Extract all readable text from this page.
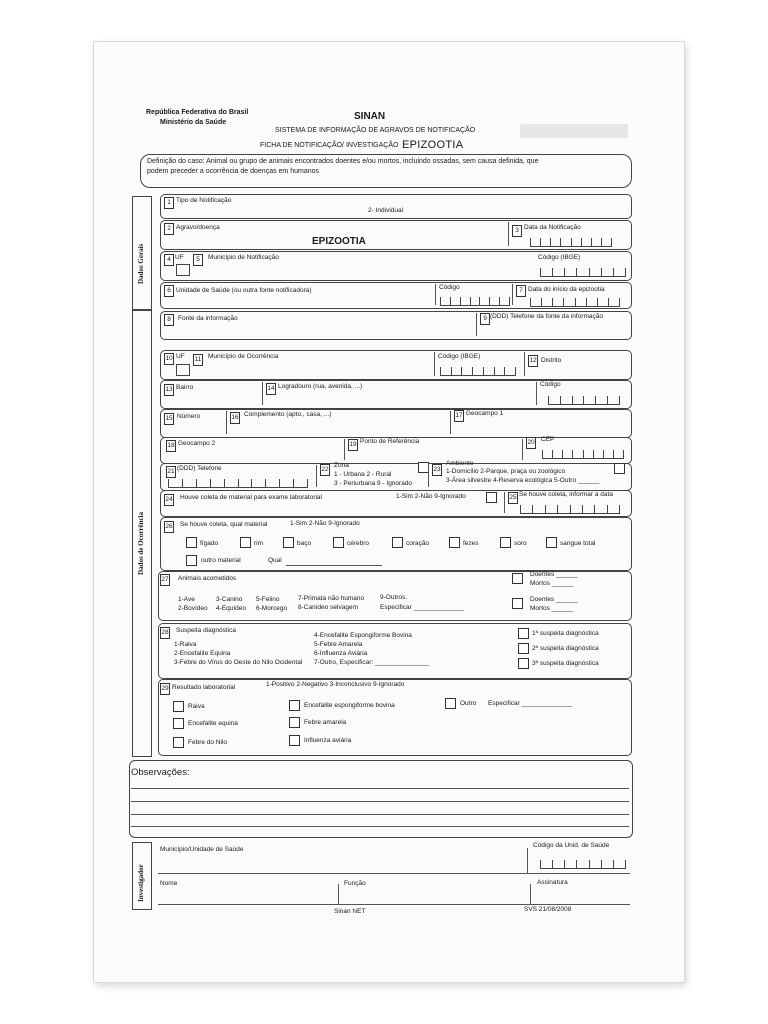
República Federativa do Brasil
Ministério da Saúde
SINAN
SISTEMA DE INFORMAÇÃO DE AGRAVOS DE NOTIFICAÇÃO
FICHA DE NOTIFICAÇÃO/ INVESTIGAÇÃO EPIZOOTIA
Definição do caso: Animal ou grupo de animais encontrados doentes e/ou mortos, incluindo ossadas, sem causa definida, que
podem preceder a ocorrência de doenças em humanos
Dados Gerais
Dados de Ocorrência
1 Tipo de Notificação
2- Individual
2 Agravo/doença
EPIZOOTIA
3 Data da Notificação
4 UF	5	Município de Notificação	Código (IBGE)
6 Unidade de Saúde (ou outra fonte notificadora)	Código	7 Data do início da epizootia
8	Fonte da informação	9 (DDD) Telefone da fonte da informação
10 UF 11 Município de Ocorrência	Código (IBGE)
12 Distrito
13 Bairro	14 Logradouro (rua, avenida, ...)	Código
15 Número	16 Complemento (apto., casa, ...)	17 Geocampo 1
18 Geocampo 2	19 Ponto de Referência	20 CEP
21 (DDD) Telefone	22
Zona
1 - Urbana 2 - Rural
3 - Periurbana 9 - Ignorado
23
Ambiente
1-Domicílio 2-Parque, praça ou zoológico
3-Área silvestre 4-Reserva ecológica 5-Outro ______
24 Houve coleta de material para exame laboratorial	1-Sim 2-Não 9-Ignorado	25 Se houve coleta, informar a data
26 Se houve coleta, qual material	1-Sim 2-Não 9-Ignorado
fígado	rim	baço	cérebro	coração	fezes	soro	sangue total
outro material	Qual
27 Animais acometidos
1-Ave
2-Bovídeo
3-Canino
4-Equídeo
5-Felino
6-Morcego
7-Primata não humano
8-Canídeo selvagem
9-Outros.
Especificar ______________
Doentes ______
Mortos ______
Doentes ______
Mortos ______
28 Suspeita diagnóstica
1-Raiva
2-Encefalite Equina
3-Febre do Vírus do Oeste do Nilo Ocidental
4-Encefalite Espongiforme Bovina
5-Febre Amarela
6-Influenza Aviária
7-Outro, Especificar: _______________
1ª suspeita diagnóstica
2ª suspeita diagnóstica
3ª suspeita diagnóstica
29 Resultado laboratorial	1-Positivo 2-Negativo 3-Inconclusivo 9-Ignorado
Raiva
Encefalite equina
Febre do Nilo
Encefalite espongiforme bovina
Febre amarela
Influenza aviária
Outro Especificar ______________
Observações:
Investigador
Município/Unidade de Saúde
Código da Unid. de Saúde
Nome	Função	Assinatura
Sinan NET	SVS 21/08/2008
